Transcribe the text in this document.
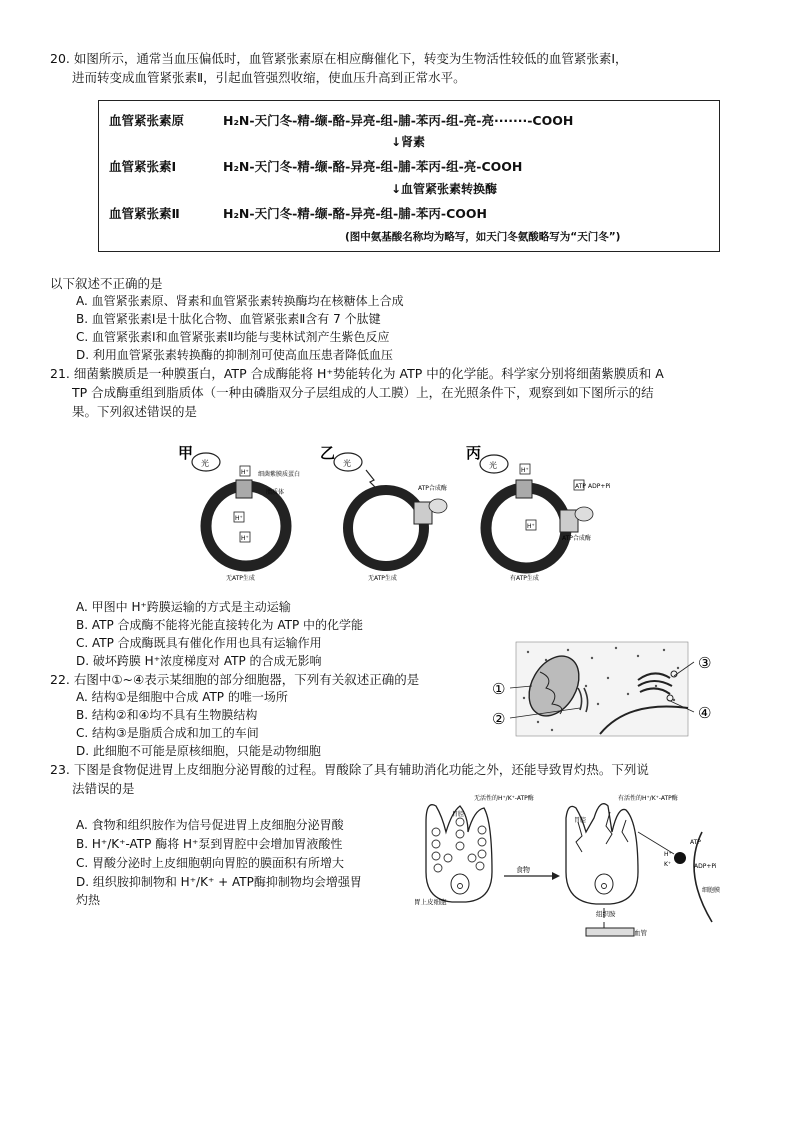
20. 如图所示，通常当血压偏低时，血管紧张素原在相应酶催化下，转变为生物活性较低的血管紧张素Ⅰ，
进而转变成血管紧张素Ⅱ，引起血管强烈收缩，使血压升高到正常水平。
血管紧张素原	H₂N-天门冬-精-缬-酪-异亮-组-脯-苯丙-组-亮-亮·······-COOH
↓肾素
血管紧张素Ⅰ	H₂N-天门冬-精-缬-酪-异亮-组-脯-苯丙-组-亮-COOH
↓血管紧张素转换酶
血管紧张素Ⅱ	H₂N-天门冬-精-缬-酪-异亮-组-脯-苯丙-COOH
(图中氨基酸名称均为略写，如天门冬氨酸略写为“天门冬”)
以下叙述不正确的是
A. 血管紧张素原、肾素和血管紧张素转换酶均在核糖体上合成
B. 血管紧张素Ⅰ是十肽化合物、血管紧张素Ⅱ含有 7 个肽键
C. 血管紧张素Ⅰ和血管紧张素Ⅱ均能与斐林试剂产生紫色反应
D. 利用血管紧张素转换酶的抑制剂可使高血压患者降低血压
21. 细菌紫膜质是一种膜蛋白，ATP 合成酶能将 H⁺势能转化为 ATP 中的化学能。科学家分别将细菌紫膜质和 A
TP 合成酶重组到脂质体（一种由磷脂双分子层组成的人工膜）上，在光照条件下，观察到如下图所示的结
果。下列叙述错误的是
甲
光
H⁺
H⁺
H⁺
细菌紫膜质蛋白
脂质体
无ATP生成
乙
光
ATP合成酶
无ATP生成
丙
光
H⁺
H⁺
ATP ADP+Pi
ATP合成酶
有ATP生成
A. 甲图中 H⁺跨膜运输的方式是主动运输
B. ATP 合成酶不能将光能直接转化为 ATP 中的化学能
C. ATP 合成酶既具有催化作用也具有运输作用
D. 破坏跨膜 H⁺浓度梯度对 ATP 的合成无影响
22. 右图中①~④表示某细胞的部分细胞器，下列有关叙述正确的是
A. 结构①是细胞中合成 ATP 的唯一场所
B. 结构②和④均不具有生物膜结构
C. 结构③是脂质合成和加工的车间
D. 此细胞不可能是原核细胞，只能是动物细胞
①
②
③
④
23. 下图是食物促进胃上皮细胞分泌胃酸的过程。胃酸除了具有辅助消化功能之外，还能导致胃灼热。下列说
法错误的是
A. 食物和组织胺作为信号促进胃上皮细胞分泌胃酸
B. H⁺/K⁺-ATP 酶将 H⁺泵到胃腔中会增加胃液酸性
C. 胃酸分泌时上皮细胞朝向胃腔的膜面积有所增大
D. 组织胺抑制物和 H⁺/K⁺ + ATP酶抑制物均会增强胃
灼热	胃上皮细胞
胃腔
无活性的H⁺/K⁺-ATP酶
食物
胃腔
有活性的H⁺/K⁺-ATP酶
组织胺
血管
ATP
ADP+Pi
H⁺
K⁺
细胞膜
